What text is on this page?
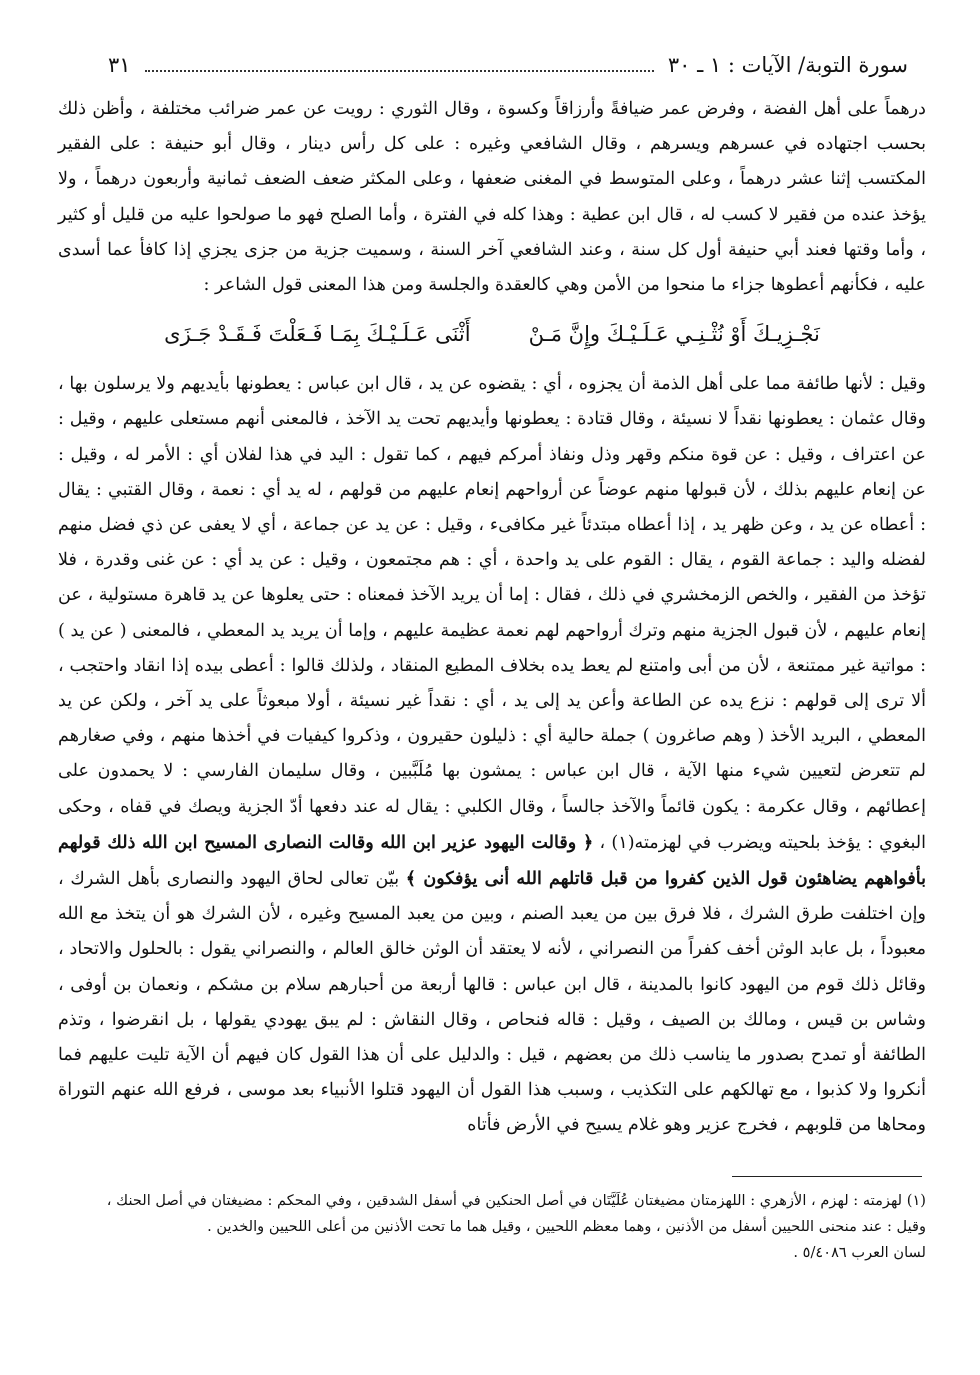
سورة التوبة/ الآيات : ١ ـ ٣٠
٣١

درهماً على أهل الفضة ، وفرض عمر ضيافةً وأرزاقاً وكسوة ، وقال الثوري : رويت عن عمر ضرائب مختلفة ، وأظن ذلك بحسب اجتهاده في عسرهم ويسرهم ، وقال الشافعي وغيره : على كل رأس دينار ، وقال أبو حنيفة : على الفقير المكتسب إثنا عشر درهماً ، وعلى المتوسط في المغنى ضعفها ، وعلى المكثر ضعف الضعف ثمانية وأربعون درهماً ، ولا يؤخذ عنده من فقير لا كسب له ، قال ابن عطية : وهذا كله في الفترة ، وأما الصلح فهو ما صولحوا عليه من قليل أو كثير ، وأما وقتها فعند أبي حنيفة أول كل سنة ، وعند الشافعي آخر السنة ، وسميت جزية من جزى يجزي إذا كافأ عما أسدى عليه ، فكأنهم أعطوها جزاء ما منحوا من الأمن وهي كالعقدة والجلسة ومن هذا المعنى قول الشاعر :

نَجْـزِيـكَ أَوْ نُثْـنِـي عَـلَـيْـكَ وإِنَّ مَـنْ
أَثْنَى عَـلَـيْـكَ بِمَـا فَـعَلْتَ فَـقَـدْ جَـزَى

وقيل : لأنها طائفة مما على أهل الذمة أن يجزوه ، أي : يقضوه عن يد ، قال ابن عباس : يعطونها بأيديهم ولا يرسلون بها ، وقال عثمان : يعطونها نقداً لا نسيئة ، وقال قتادة : يعطونها وأيديهم تحت يد الآخذ ، فالمعنى أنهم مستعلى عليهم ، وقيل : عن اعتراف ، وقيل : عن قوة منكم وقهر وذل ونفاذ أمركم فيهم ، كما تقول : اليد في هذا لفلان أي : الأمر له ، وقيل : عن إنعام عليهم بذلك ، لأن قبولها منهم عوضاً عن أرواحهم إنعام عليهم من قولهم ، له يد أي : نعمة ، وقال القتبي : يقال : أعطاه عن يد ، وعن ظهر يد ، إذا أعطاه مبتدئاً غير مكافىء ، وقيل : عن يد عن جماعة ، أي لا يعفى عن ذي فضل منهم لفضله واليد : جماعة القوم ، يقال : القوم على يد واحدة ، أي : هم مجتمعون ، وقيل : عن يد أي : عن غنى وقدرة ، فلا تؤخذ من الفقير ، والخص الزمخشري في ذلك ، فقال : إما أن يريد الآخذ فمعناه : حتى يعلوها عن يد قاهرة مستولية ، عن إنعام عليهم ، لأن قبول الجزية منهم وترك أرواحهم لهم نعمة عظيمة عليهم ، وإما أن يريد يد المعطي ، فالمعنى ( عن يد ) : مواتية غير ممتنعة ، لأن من أبى وامتنع لم يعط يده بخلاف المطيع المنقاد ، ولذلك قالوا : أعطى بيده إذا انقاد واحتجب ، ألا ترى إلى قولهم : نزع يده عن الطاعة وأعن يد إلى يد ، أي : نقداً غير نسيئة ، أولا مبعوثاً على يد آخر ، ولكن عن يد المعطي ، البريد الأخذ ( وهم صاغرون ) جملة حالية أي : ذليلون حقيرون ، وذكروا كيفيات في أخذها منهم ، وفي صغارهم لم تتعرض لتعيين شيء منها الآية ، قال ابن عباس : يمشون بها مُلَبَّبين ، وقال سليمان الفارسي : لا يحمدون على إعطائهم ، وقال عكرمة : يكون قائماً والآخذ جالساً ، وقال الكلبي : يقال له عند دفعها أدّ الجزية ويصك في قفاه ، وحكى البغوي : يؤخذ بلحيته ويضرب في لهزمته(١) ، ﴿ وقالت اليهود عزير ابن الله وقالت النصارى المسيح ابن الله ذلك قولهم بأفواههم يضاهئون قول الذين كفروا من قبل قاتلهم الله أنى يؤفكون ﴾ بيّن تعالى لحاق اليهود والنصارى بأهل الشرك ، وإن اختلفت طرق الشرك ، فلا فرق بين من يعبد الصنم ، وبين من يعبد المسيح وغيره ، لأن الشرك هو أن يتخذ مع الله معبوداً ، بل عابد الوثن أخف كفراً من النصراني ، لأنه لا يعتقد أن الوثن خالق العالم ، والنصراني يقول : بالحلول والاتحاد ، وقائل ذلك قوم من اليهود كانوا بالمدينة ، قال ابن عباس : قالها أربعة من أحبارهم سلام بن مشكم ، ونعمان بن أوفى ، وشاس بن قيس ، ومالك بن الصيف ، وقيل : قاله فنحاص ، وقال النقاش : لم يبق يهودي يقولها ، بل انقرضوا ، وتذم الطائفة أو تمدح بصدور ما يناسب ذلك من بعضهم ، قيل : والدليل على أن هذا القول كان فيهم أن الآية تليت عليهم فما أنكروا ولا كذبوا ، مع تهالكهم على التكذيب ، وسبب هذا القول أن اليهود قتلوا الأنبياء بعد موسى ، فرفع الله عنهم التوراة ومحاها من قلوبهم ، فخرج عزير وهو غلام يسيح في الأرض فأتاه

(١) لهزمته : لهزم ، الأزهري : اللهزمتان مضيغتان عُلَيَّتَان في أصل الحنكين في أسفل الشدقين ، وفي المحكم : مضيغتان في أصل الحنك ،

وقيل : عند منحنى اللحيين أسفل من الأذنين ، وهما معظم اللحيين ، وقيل هما ما تحت الأذنين من أعلى اللحيين والخدين .

لسان العرب ٥/٤٠٨٦ .
